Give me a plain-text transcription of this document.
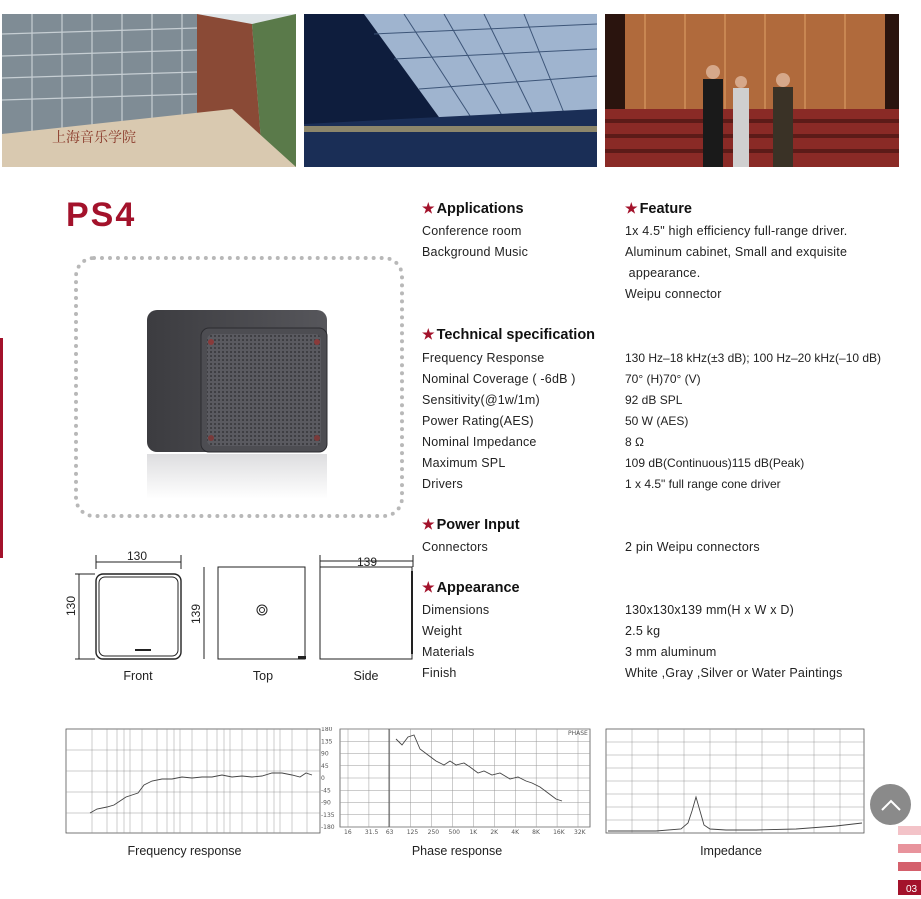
上海音乐学院
PS4
130
130	139
139
Front	Top	Side
★ Applications
Conference room
Background Music
★ Feature
1x 4.5" high efficiency full-range driver.
Aluminum cabinet, Small and exquisite
appearance.
Weipu connector
★ Technical specification
Frequency Response	130 Hz–18 kHz(±3 dB); 100 Hz–20 kHz(–10 dB)
Nominal Coverage ( -6dB )	70° (H)70° (V)
Sensitivity(@1w/1m)	92 dB SPL
Power Rating(AES)	50 W (AES)
Nominal Impedance	8 Ω
Maximum SPL	109 dB(Continuous)115 dB(Peak)
Drivers	1 x 4.5" full range cone driver
★ Power Input
Connectors	2 pin Weipu connectors
★ Appearance
Dimensions	130x130x139 mm(H x W x D)
Weight	2.5 kg
Materials	3 mm aluminum
Finish	White ,Gray ,Silver or Water Paintings
Frequency response
180
135
90
45
0
-45
-90
-135
-180
16 31.5 63 125 250 500 1K 2K 4K 8K 16K 32K
PHASE
Phase response	Impedance
03
